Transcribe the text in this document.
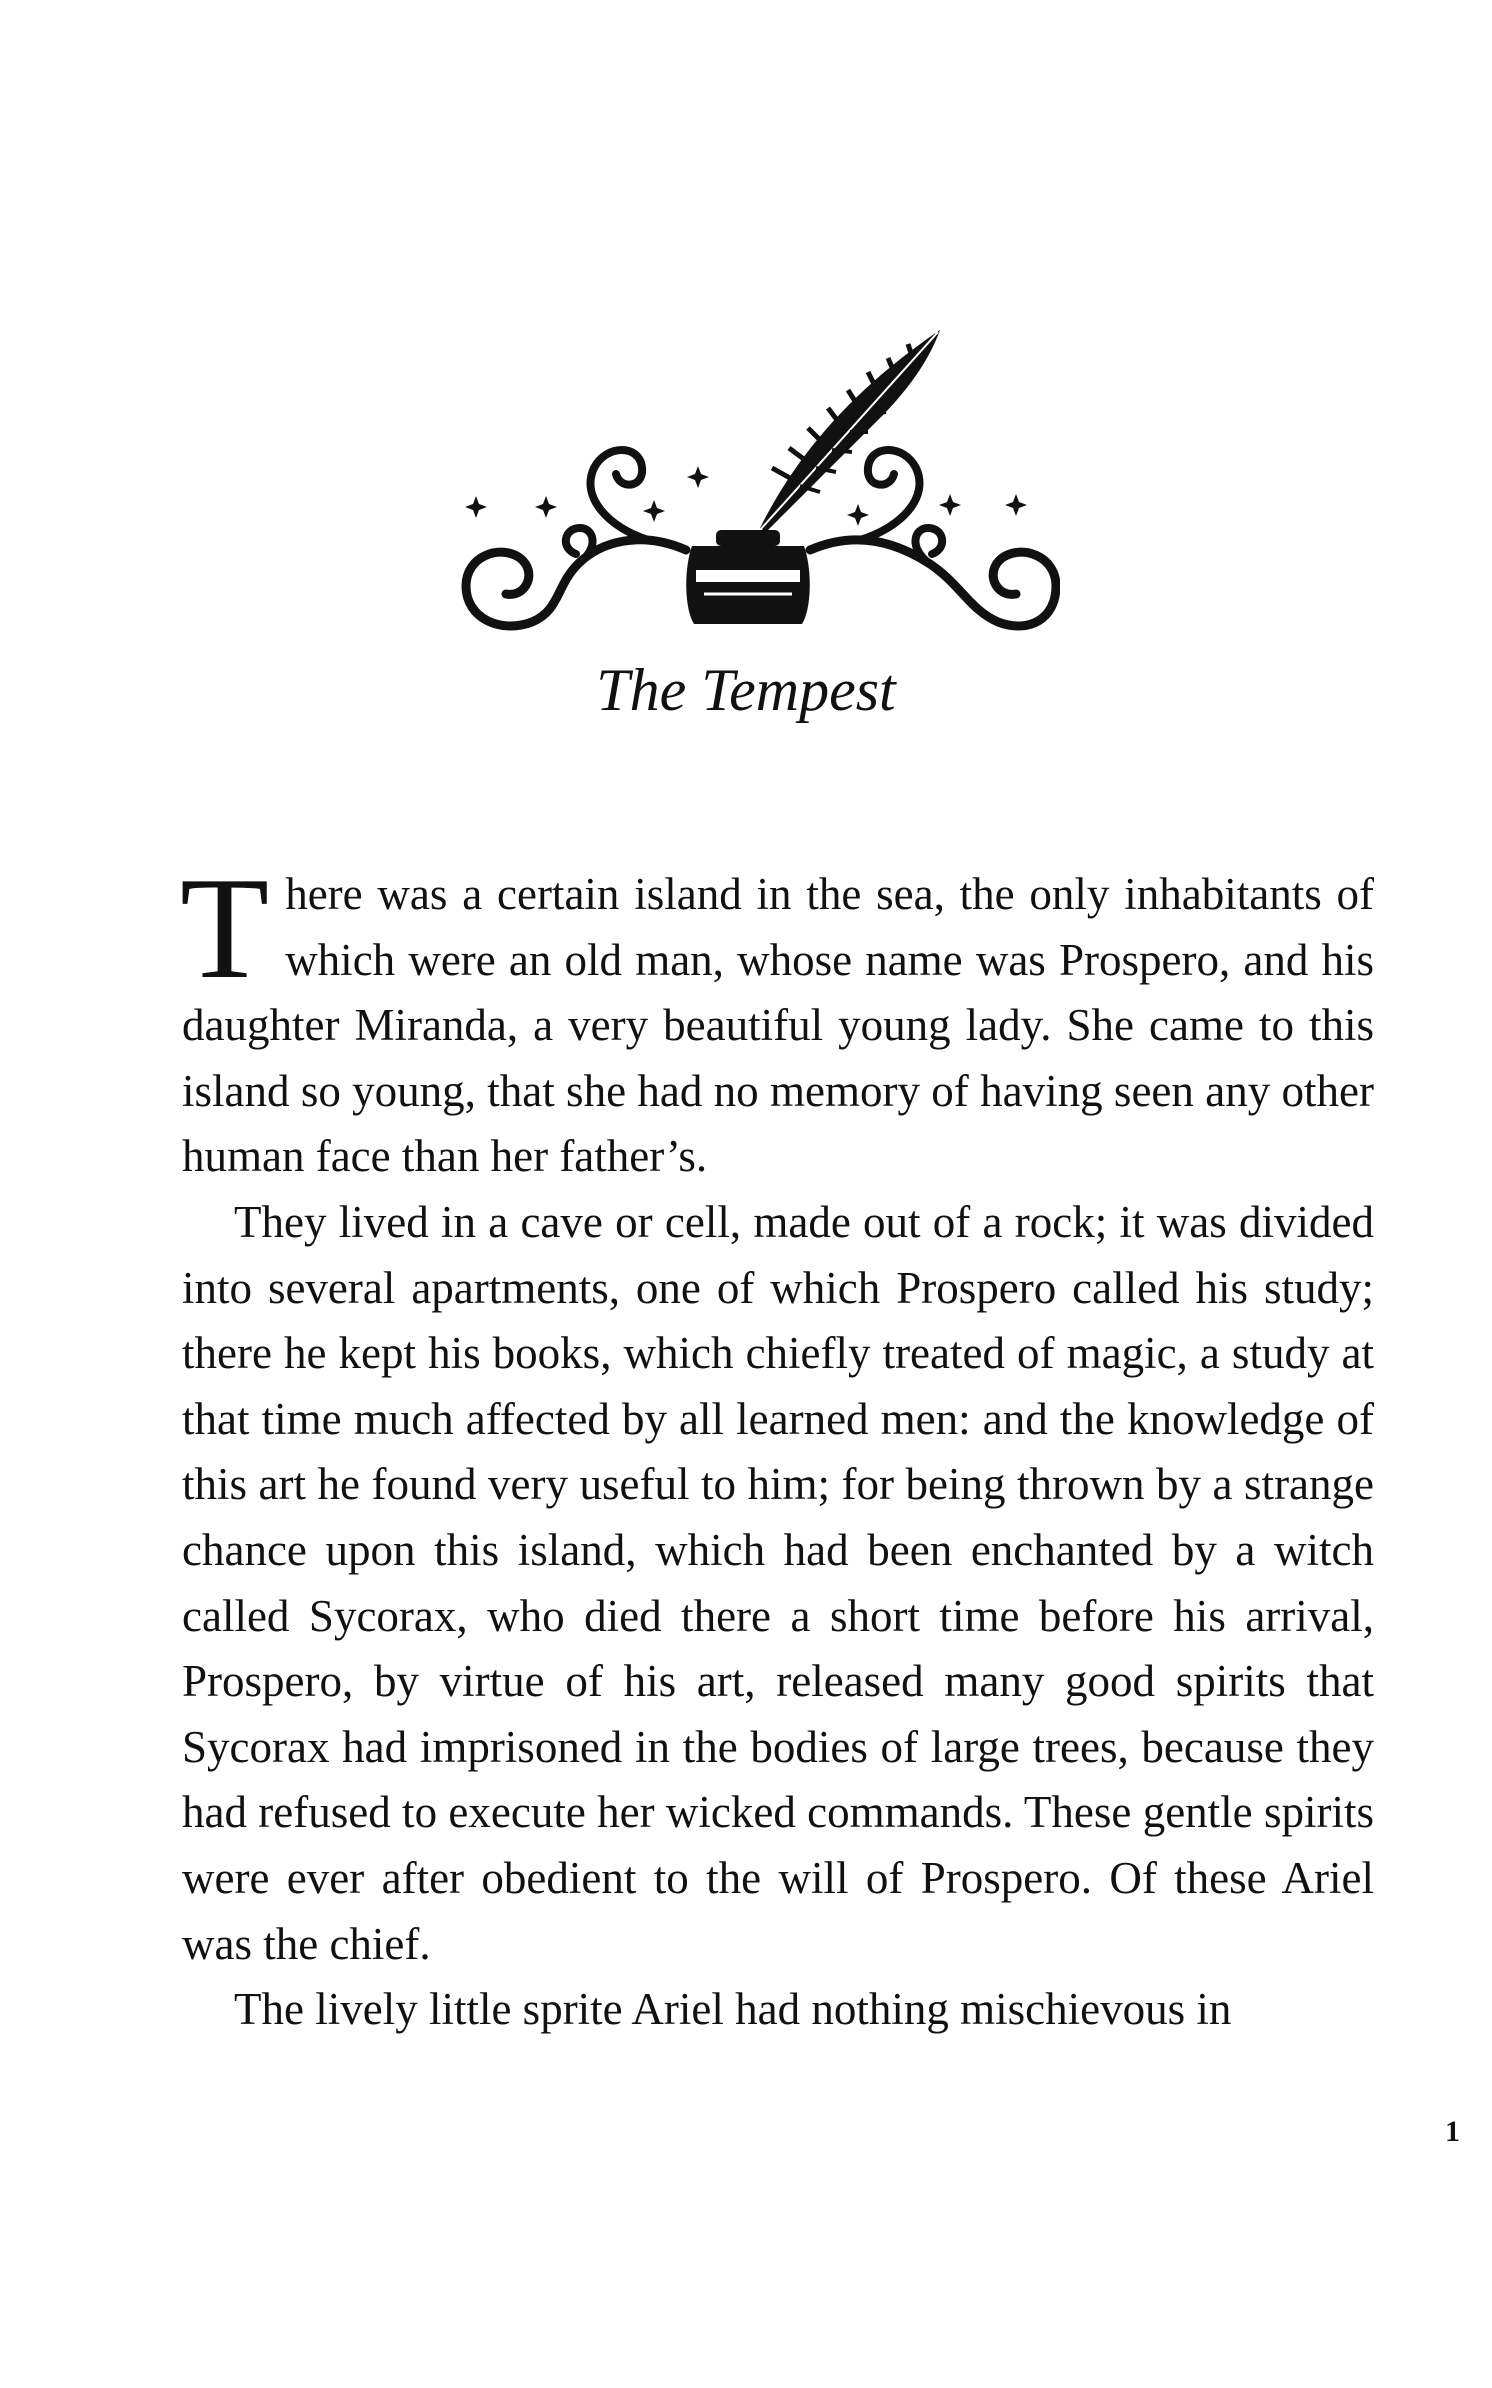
The Tempest

There was a certain island in the sea, the only inhabitants of which were an old man, whose name was Prospero, and his daughter Miranda, a very beautiful young lady. She came to this island so young, that she had no memory of having seen any other human face than her father’s.

They lived in a cave or cell, made out of a rock; it was divided into several apartments, one of which Prospero called his study; there he kept his books, which chiefly treated of magic, a study at that time much affected by all learned men: and the knowledge of this art he found very useful to him; for being thrown by a strange chance upon this island, which had been enchanted by a witch called Sycorax, who died there a short time before his arrival, Prospero, by virtue of his art, released many good spirits that Sycorax had imprisoned in the bodies of large trees, because they had refused to execute her wicked commands. These gentle spirits were ever after obedient to the will of Prospero. Of these Ariel was the chief.

The lively little sprite Ariel had nothing mischievous in

1
